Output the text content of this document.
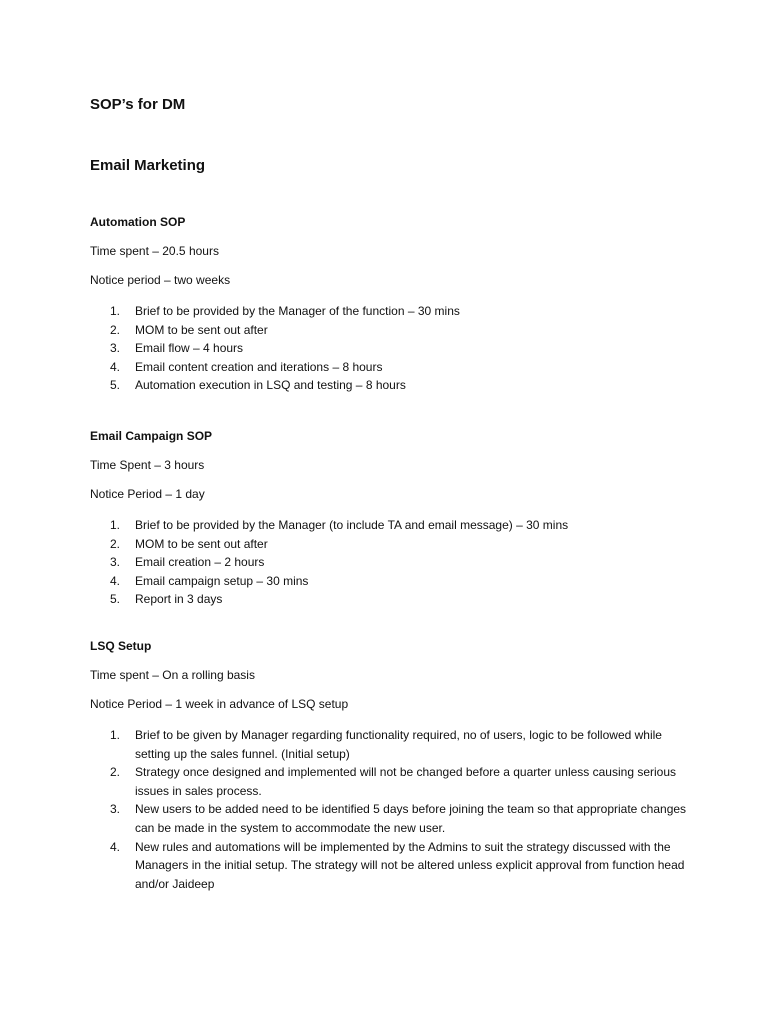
SOP’s for DM
Email Marketing
Automation SOP
Time spent – 20.5 hours
Notice period – two weeks
1. Brief to be provided by the Manager of the function – 30 mins
2. MOM to be sent out after
3. Email flow – 4 hours
4. Email content creation and iterations – 8 hours
5. Automation execution in LSQ and testing – 8 hours
Email Campaign SOP
Time Spent – 3 hours
Notice Period – 1 day
1. Brief to be provided by the Manager (to include TA and email message) – 30 mins
2. MOM to be sent out after
3. Email creation – 2 hours
4. Email campaign setup – 30 mins
5. Report in 3 days
LSQ Setup
Time spent – On a rolling basis
Notice Period – 1 week in advance of LSQ setup
1. Brief to be given by Manager regarding functionality required, no of users, logic to be followed while setting up the sales funnel. (Initial setup)
2. Strategy once designed and implemented will not be changed before a quarter unless causing serious issues in sales process.
3. New users to be added need to be identified 5 days before joining the team so that appropriate changes can be made in the system to accommodate the new user.
4. New rules and automations will be implemented by the Admins to suit the strategy discussed with the Managers in the initial setup. The strategy will not be altered unless explicit approval from function head and/or Jaideep
